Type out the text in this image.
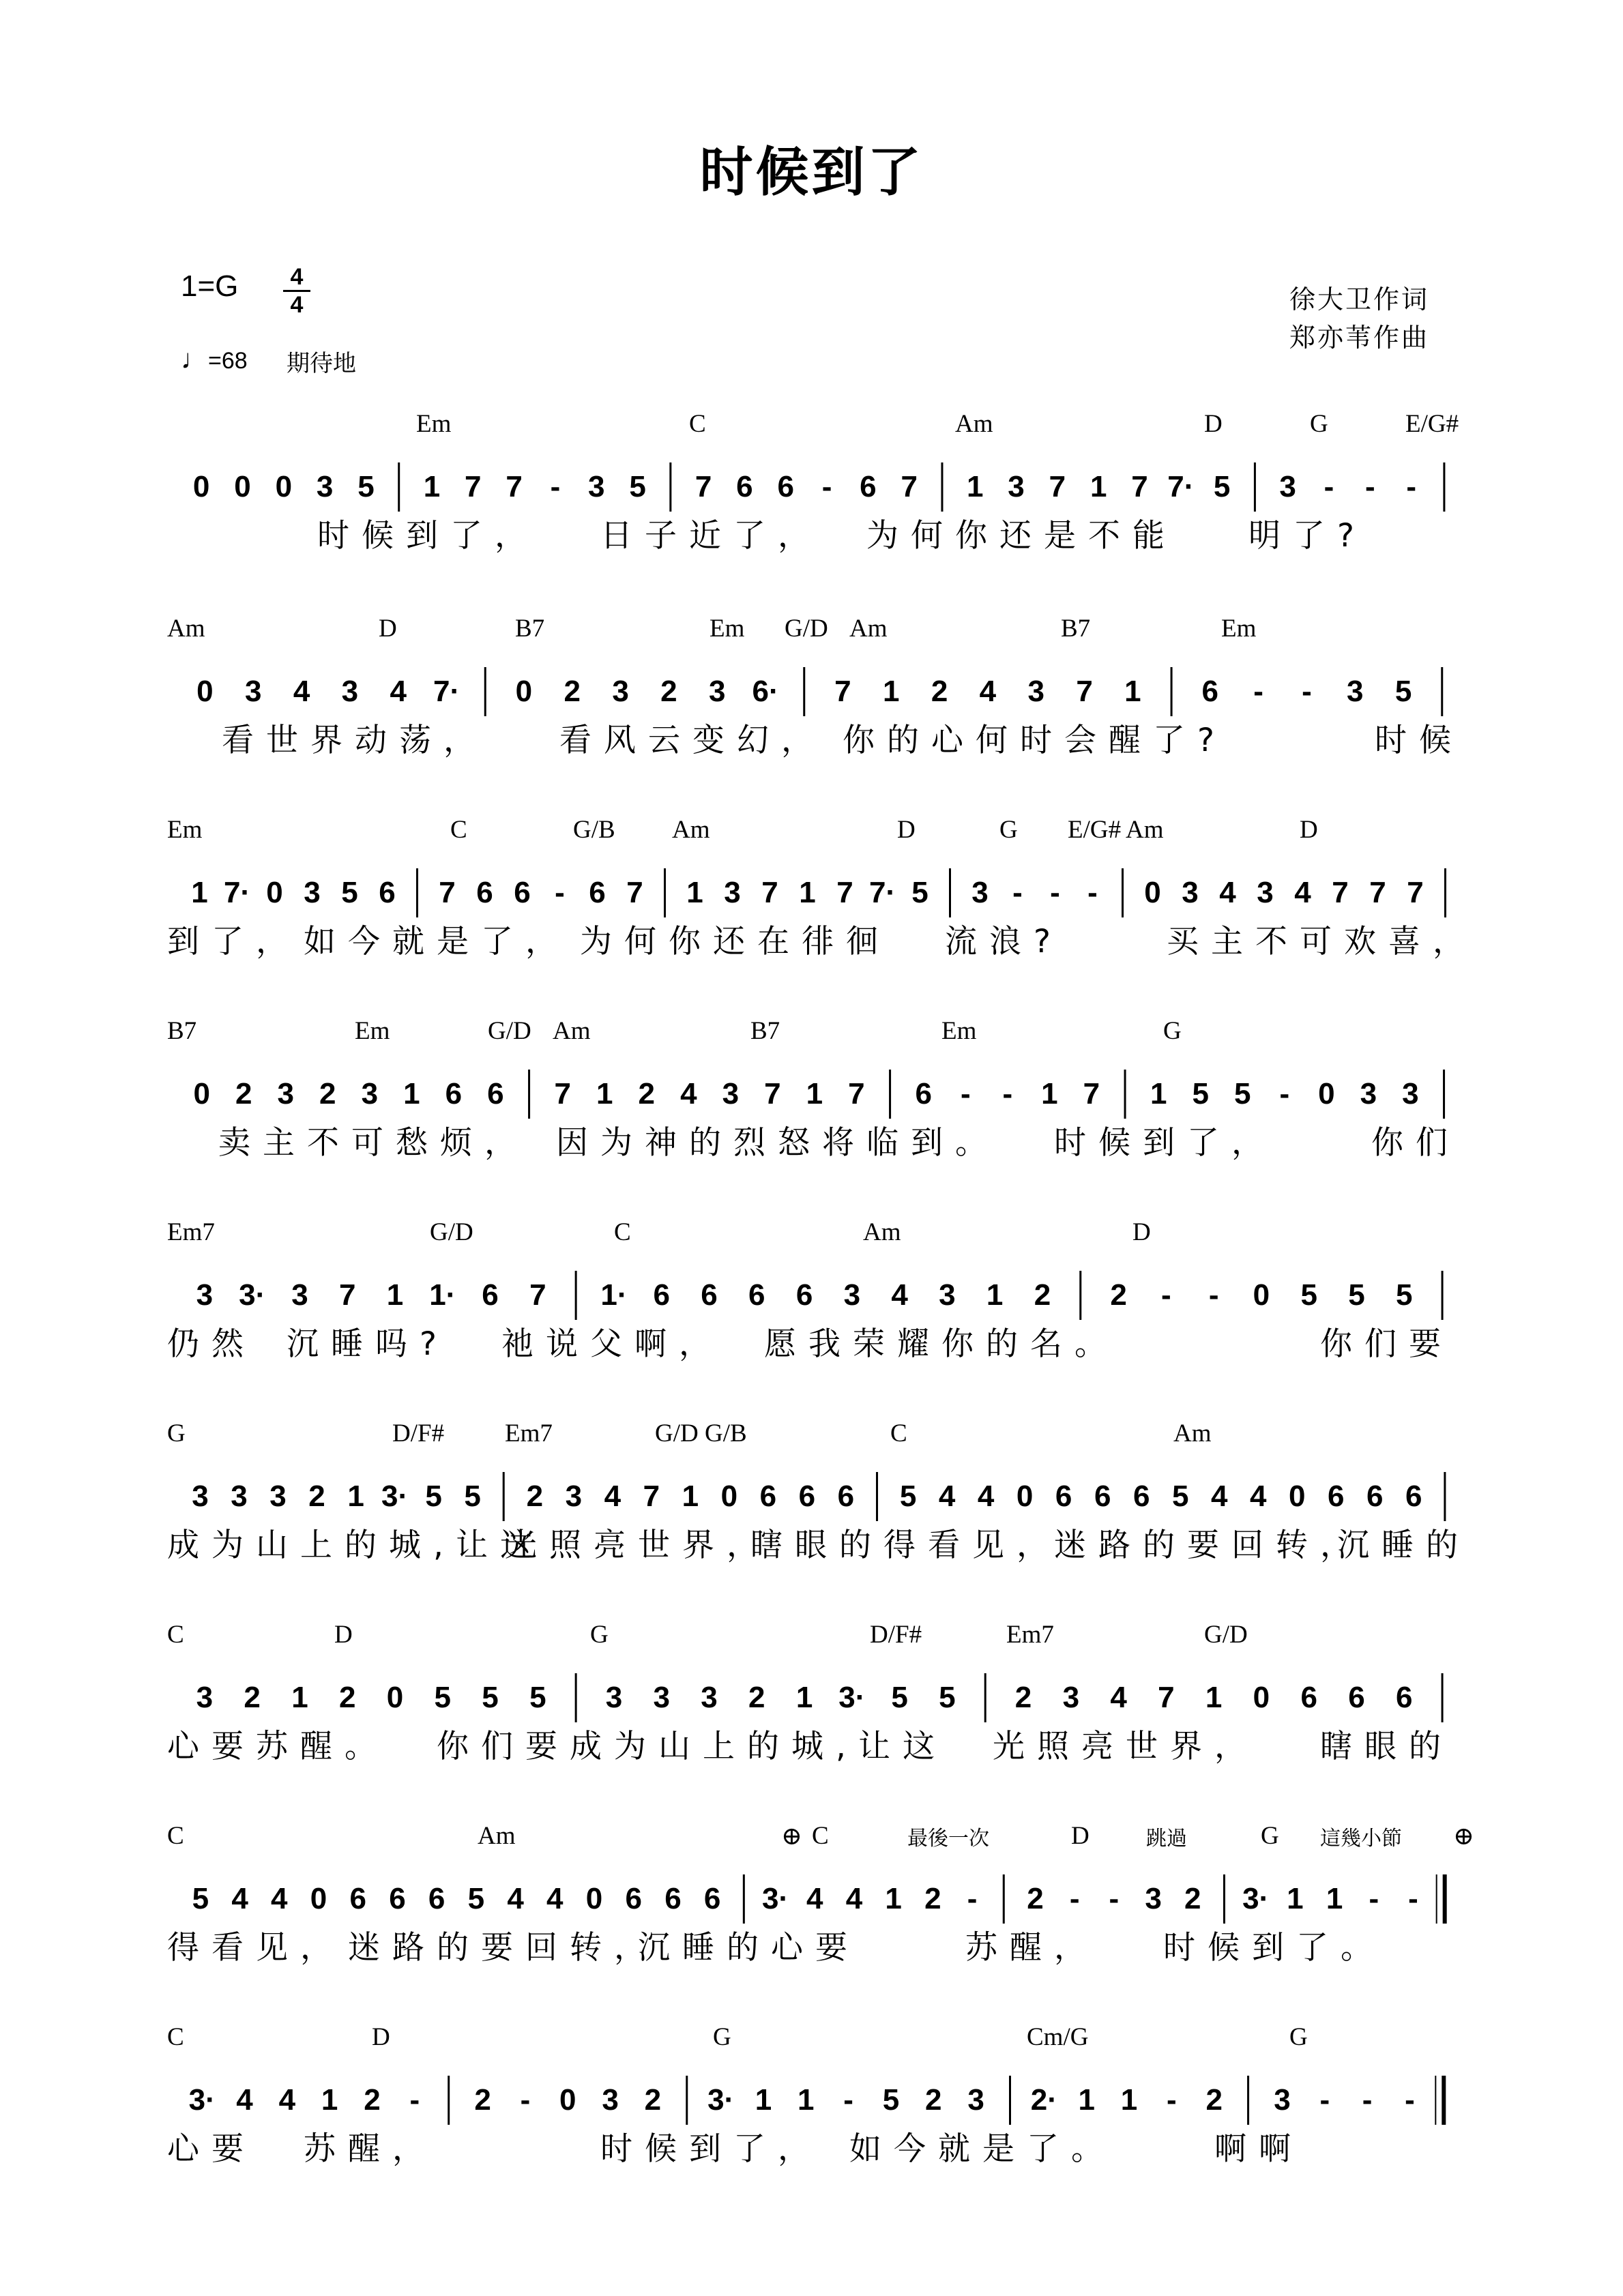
时候到了
1=G	4
4
♩=68 期待地
徐大卫作词
郑亦苇作曲
Em	C	Am	D	G	E/G#
0 0 0 3 5 1 7 7 - 3 5 7 6 6 - 6 7 1 3 7 1 7 7· 5 3 - - -
时候到了， 日子近了， 为何你还是不能 明了?
Am	D	B7	Em G/D Am	B7	Em
0 3 4 3 4 7· 0 2 3 2 3 6· 7 1 2 4 3 7 1 6 - - 3 5
看世界动荡， 看风云变幻， 你的心何时会醒了?	时候
Em	C	G/B Am	D	G E/G# Am	D
1 7· 0 3 5 6 7 6 6 - 6 7 1 3 7 1 7 7· 5 3 - - - 0 3 4 3 4 7 7 7
到了， 如今就是了， 为何你还在徘徊 流浪?	买主不可欢喜，
B7	Em	G/D Am	B7	Em	G
0 2 3 2 3 1 6 6 7 1 2 4 3 7 1 7 6 - - 1 7 1 5 5 - 0 3 3
卖主不可愁烦， 因为神的烈怒将临到。 时候到了，	你们
Em7	G/D	C	Am	D
3 3· 3 7 1 1· 6 7 1· 6 6 6 6 3 4 3 1 2 2 - - 0 5 5 5
仍然 沉睡吗? 祂说父啊， 愿我荣耀你的名。	你们要
G	D/F# Em7	G/D G/B	C	Am
3 3 3 2 1 3· 5 5 2 3 4 7 1 0 6 6 6 5 4 4 0 6 6 6 5 4 4 0 6 6 6
成为山上的城,让这
光照亮世界，
瞎眼的得看见，
迷路的要回转，
沉睡的
C	D	G	D/F#	Em7	G/D
3 2 1 2 0 5 5 5 3 3 3 2 1 3· 5 5 2 3 4 7 1 0 6 6 6
心要苏醒。 你们要成为山上的城,让这 光照亮世界， 瞎眼的
C	Am	C	D	G
最後一次	跳過	這幾小節
⊕	⊕
5 4 4 0 6 6 6 5 4 4 0 6 6 6 3· 4 4 1 2 - 2 - - 3 2 3· 1 1 - -
得看见， 迷路的要回转，
沉睡的心要	苏醒， 时候到了。
C	D	G	Cm/G	G
3· 4 4 1 2 - 2 - 0 3 2 3· 1 1 - 5 2 3 2· 1 1 - 2 3 - - -
心要 苏醒，	时候到了， 如今就是了。	啊啊
